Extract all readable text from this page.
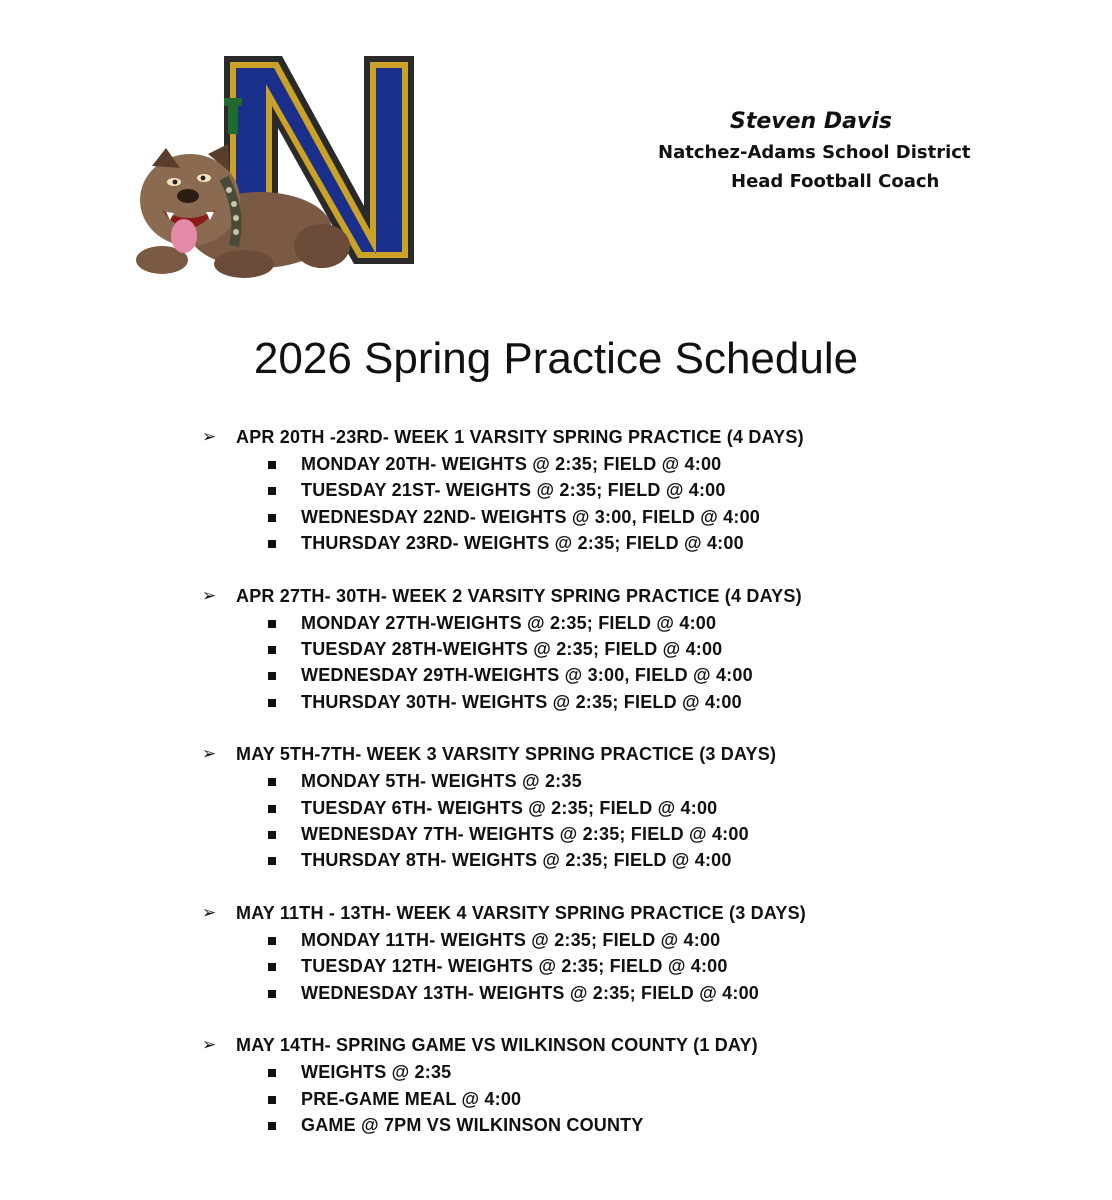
Steven Davis
Natchez-Adams School District
Head Football Coach
2026 Spring Practice Schedule
➢ APR 20TH -23RD- WEEK 1 VARSITY SPRING PRACTICE (4 DAYS)
MONDAY 20TH- WEIGHTS @ 2:35; FIELD @ 4:00
TUESDAY 21ST- WEIGHTS @ 2:35; FIELD @ 4:00
WEDNESDAY 22ND- WEIGHTS @ 3:00, FIELD @ 4:00
THURSDAY 23RD- WEIGHTS @ 2:35; FIELD @ 4:00
➢ APR 27TH- 30TH- WEEK 2 VARSITY SPRING PRACTICE (4 DAYS)
MONDAY 27TH-WEIGHTS @ 2:35; FIELD @ 4:00
TUESDAY 28TH-WEIGHTS @ 2:35; FIELD @ 4:00
WEDNESDAY 29TH-WEIGHTS @ 3:00, FIELD @ 4:00
THURSDAY 30TH- WEIGHTS @ 2:35; FIELD @ 4:00
➢ MAY 5TH-7TH- WEEK 3 VARSITY SPRING PRACTICE (3 DAYS)
MONDAY 5TH- WEIGHTS @ 2:35
TUESDAY 6TH- WEIGHTS @ 2:35; FIELD @ 4:00
WEDNESDAY 7TH- WEIGHTS @ 2:35; FIELD @ 4:00
THURSDAY 8TH- WEIGHTS @ 2:35; FIELD @ 4:00
➢ MAY 11TH - 13TH- WEEK 4 VARSITY SPRING PRACTICE (3 DAYS)
MONDAY 11TH- WEIGHTS @ 2:35; FIELD @ 4:00
TUESDAY 12TH- WEIGHTS @ 2:35; FIELD @ 4:00
WEDNESDAY 13TH- WEIGHTS @ 2:35; FIELD @ 4:00
➢ MAY 14TH- SPRING GAME VS WILKINSON COUNTY (1 DAY)
WEIGHTS @ 2:35
PRE-GAME MEAL @ 4:00
GAME @ 7PM VS WILKINSON COUNTY
